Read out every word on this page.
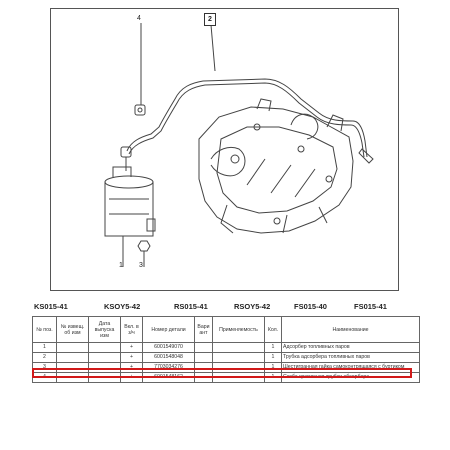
2
4
1 3
KS015-41	KSOY5-42	RS015-41	RSOY5-42	FS015-40	FS015-41
№ поз.	№ извещ. об изм	Дата выпуска изм	Вкл. в з/ч	Номер детали	Вари ант	Применяемость	Кол.	Наименование
1			+	6001549070			1	Адсорбер топливных паров
2			+	6001548048			1	Трубка адсорбера топливных паров
3			+	7703034276			1	Шестигранная гайка самоконтрящаяся с буртиком
4			+	6001548162			1	Скоба крепления трубки абсорбера
